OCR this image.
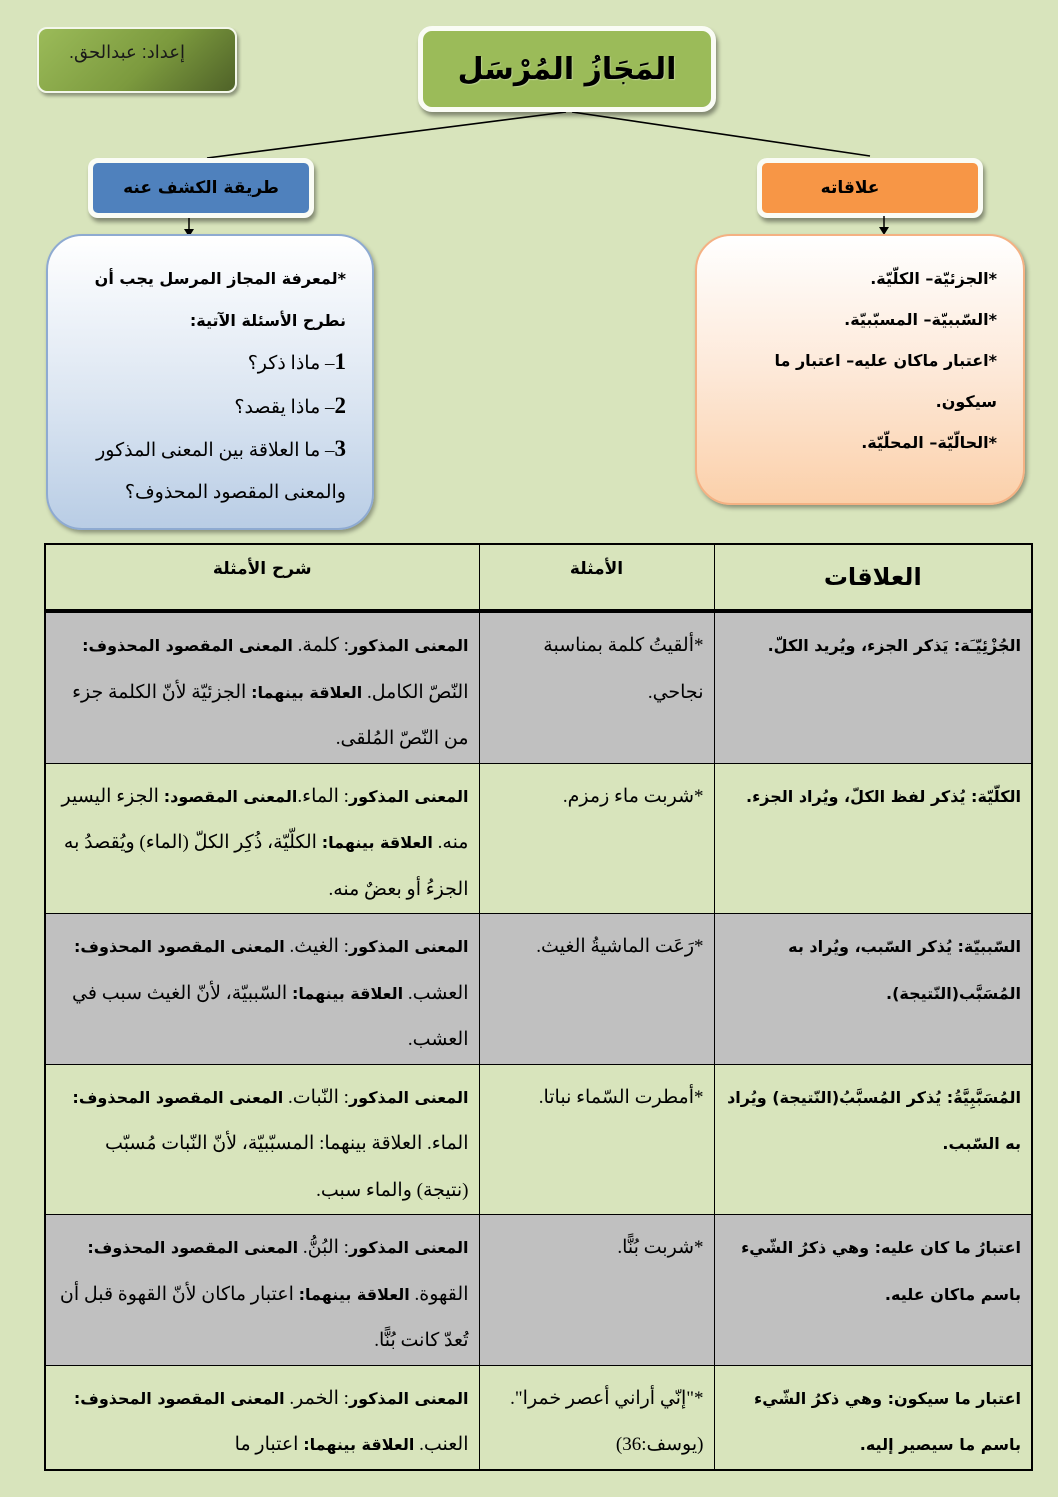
إعداد: عبدالحق.	المَجَازُ المُرْسَل
طريقة الكشف عنه	علاقاته
*لمعرفة المجاز المرسل يجب أن
نطرح الأسئلة الآتية:
1– ماذا ذكر؟
2– ماذا يقصد؟
3– ما العلاقة بين المعنى المذكور
والمعنى المقصود المحذوف؟
*الجزئيّة– الكلّيّة.
*السّببيّة– المسبّبيّة.
*اعتبار ماكان عليه– اعتبار ما
سيكون.
*الحالّيّة– المحلّيّة.
العلاقات	الأمثلة	شرح الأمثلة
الجُزْئِيّـَة: يَذكر الجزء، ويُريد الكلّ.	*ألقيتُ كلمة بمناسبة نجاحي.	المعنى المذكور: كلمة. المعنى المقصود المحذوف: النّصّ الكامل. العلاقة بينهما: الجزئيّة لأنّ الكلمة جزء من النّصّ المُلقى.
الكلّيّة: يُذكر لفظ الكلّ، ويُراد الجزء.	*شربت ماء زمزم.	المعنى المذكور: الماء.المعنى المقصود: الجزء اليسير منه. العلاقة بينهما: الكلّيّة، ذُكِر الكلّ (الماء) ويُقصدُ به الجزءُ أو بعضٌ منه.
السّببيّة: يُذكر السّبب، ويُراد به المُسَبَّب(النّتيجة).	*رَعَت الماشيةُ الغيث.	المعنى المذكور: الغيث. المعنى المقصود المحذوف: العشب. العلاقة بينهما: السّببيّة، لأنّ الغيث سبب في العشب.
المُسَبَّبِيَّةُ: يُذكر المُسبَّبُ(النّتيجة) ويُراد به السّبب.	*أمطرت السّماء نباتا.	المعنى المذكور: النّبات. المعنى المقصود المحذوف: الماء. العلاقة بينهما: المسبّبيّة، لأنّ النّبات مُسبّب (نتيجة) والماء سبب.
اعتبارُ ما كان عليه: وهي ذكرُ الشّيء باسم ماكان عليه.	*شربت بُنًّا.	المعنى المذكور: البُنُّ. المعنى المقصود المحذوف: القهوة. العلاقة بينهما: اعتبار ماكان لأنّ القهوة قبل أن تُعدّ كانت بُنًّا.
اعتبار ما سيكون: وهي ذكرُ الشّيء باسم ما سيصير إليه.	*"إنّي أراني أعصر خمرا". (يوسف:36)	المعنى المذكور: الخمر. المعنى المقصود المحذوف: العنب. العلاقة بينهما: اعتبار ما
